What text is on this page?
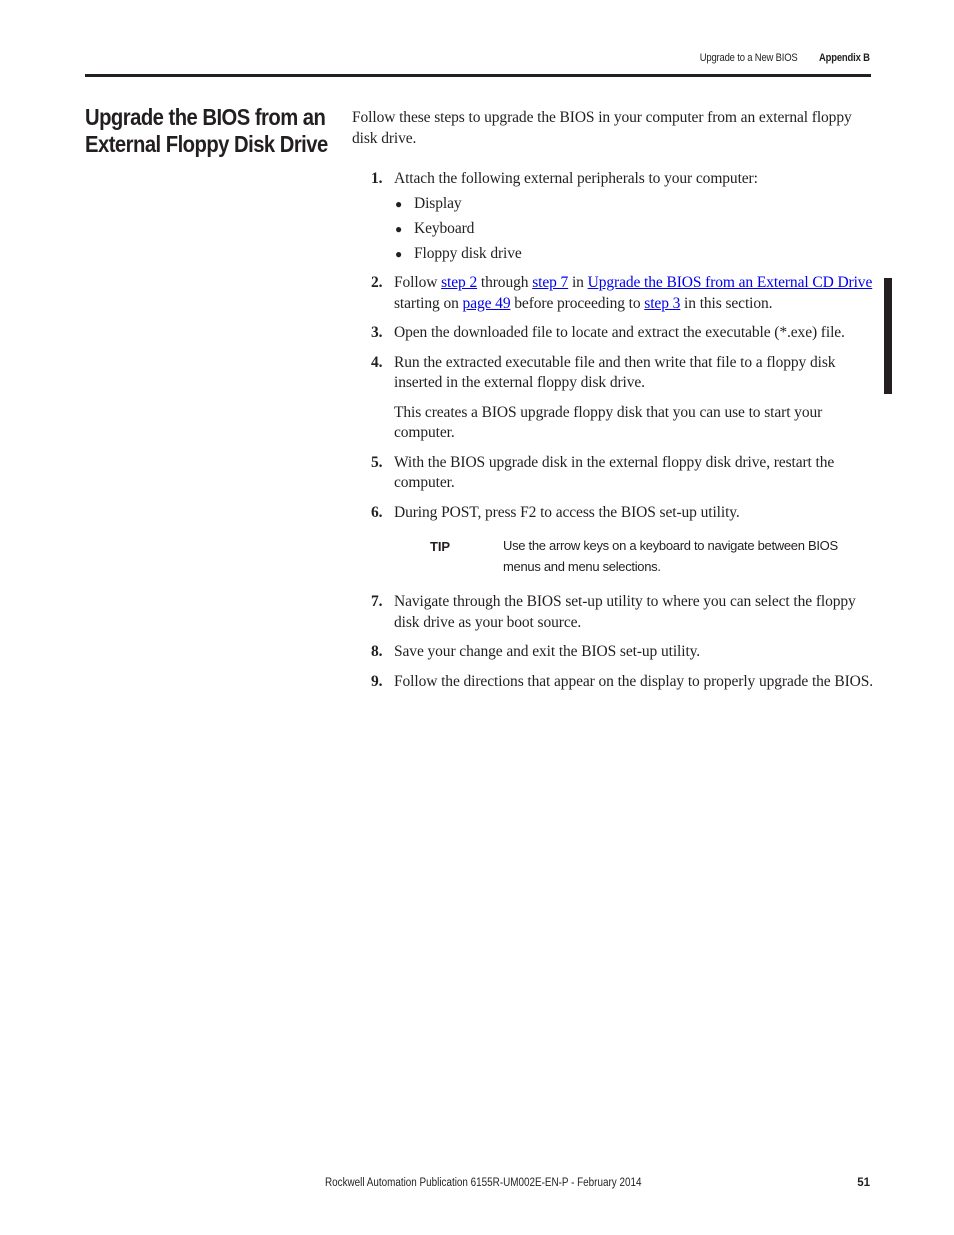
Upgrade to a New BIOS Appendix B
Upgrade the BIOS from an
External Floppy Disk Drive

Follow these steps to upgrade the BIOS in your computer from an external floppy disk drive.

1. Attach the following external peripherals to your computer:

● Display
● Keyboard
● Floppy disk drive
2. Follow step 2 through step 7 in Upgrade the BIOS from an External CD Drive starting on page 49 before proceeding to step 3 in this section.

3. Open the downloaded file to locate and extract the executable (*.exe) file.

4. Run the extracted executable file and then write that file to a floppy disk inserted in the external floppy disk drive.

This creates a BIOS upgrade floppy disk that you can use to start your computer.

5. With the BIOS upgrade disk in the external floppy disk drive, restart the computer.

6. During POST, press F2 to access the BIOS set-up utility.

TIP	Use the arrow keys on a keyboard to navigate between BIOS menus and menu selections.
7. Navigate through the BIOS set-up utility to where you can select the floppy disk drive as your boot source.

8. Save your change and exit the BIOS set-up utility.

9. Follow the directions that appear on the display to properly upgrade the BIOS.

Rockwell Automation Publication 6155R-UM002E-EN-P - February 2014	51
